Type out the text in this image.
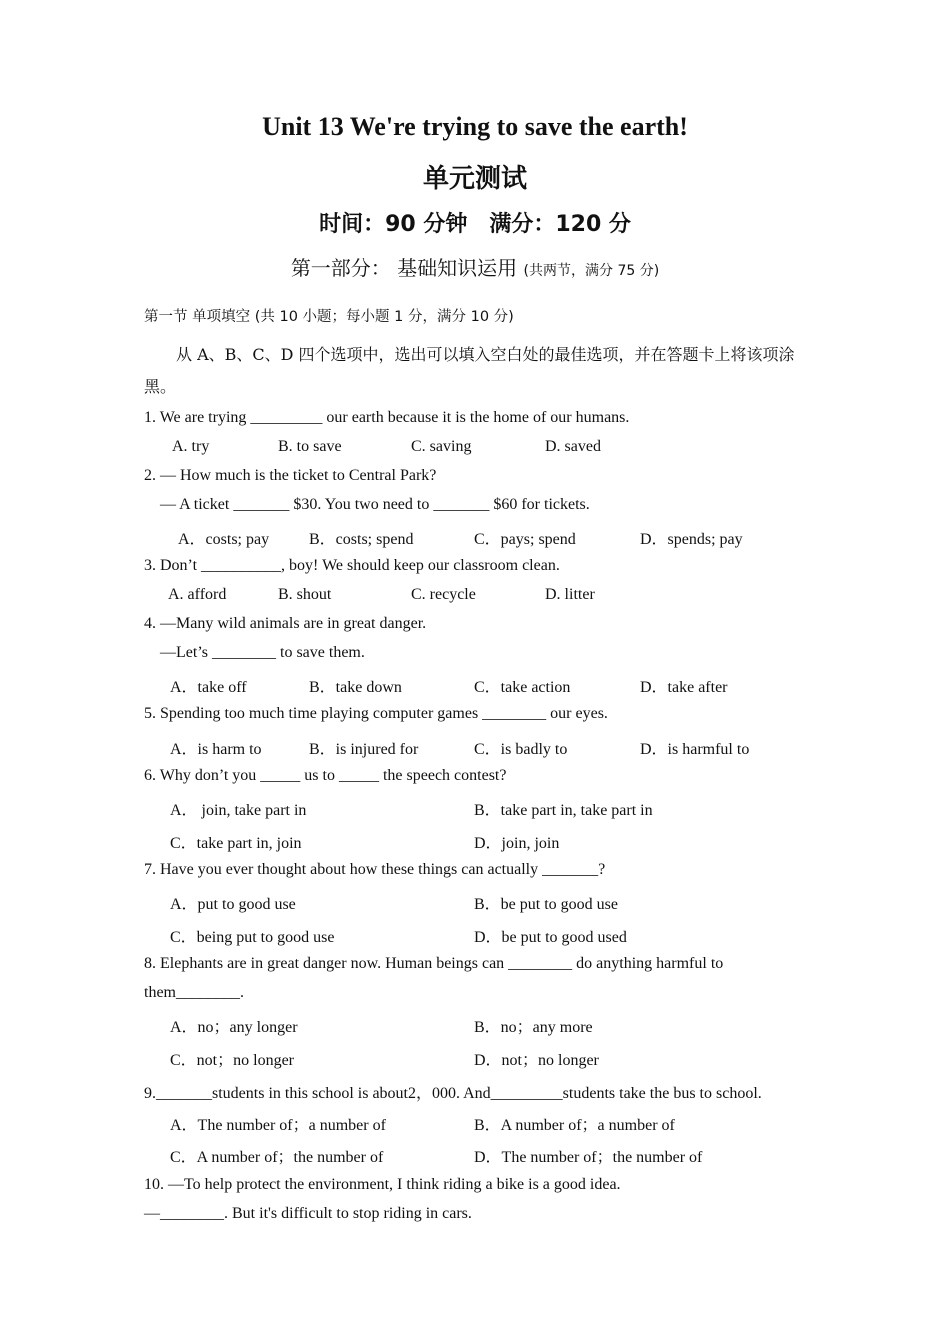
Unit 13 We're trying to save the earth!
单元测试
时间：90 分钟　满分：120 分
第一部分： 基础知识运用 (共两节，满分 75 分)
第一节 单项填空 (共 10 小题；每小题 1 分，满分 10 分)
从 A、B、C、D 四个选项中，选出可以填入空白处的最佳选项，并在答题卡上将该项涂黑。
1. We are trying _________ our earth because it is the home of our humans.
A. try	B. to save	C. saving	D. saved
2. — How much is the ticket to Central Park?
— A ticket _______ $30. You two need to _______ $60 for tickets.
A．costs; pay B．costs; spend	C．pays; spend	D．spends; pay
3. Don’t __________, boy! We should keep our classroom clean.
A. afford	B. shout	C. recycle	D. litter
4. —Many wild animals are in great danger.
—Let’s ________ to save them.
A．take off	B．take down	C．take action	D．take after
5. Spending too much time playing computer games ________ our eyes.
A．is harm to	B．is injured for	C．is badly to	D．is harmful to
6. Why don’t you _____ us to _____ the speech contest?
A． join, take part in	B．take part in, take part in
C．take part in, join	D．join, join
7. Have you ever thought about how these things can actually _______?
A．put to good use	B．be put to good use
C．being put to good use	D．be put to good used
8. Elephants are in great danger now. Human beings can ________ do anything harmful to
them________.
A．no；any longer	B．no；any more
C．not；no longer	D．not；no longer
9._______students in this school is about2，000. And_________students take the bus to school.
A．The number of；a number of	B．A number of；a number of
C．A number of；the number of	D．The number of；the number of
10. —To help protect the environment, I think riding a bike is a good idea.
—________. But it's difficult to stop riding in cars.
